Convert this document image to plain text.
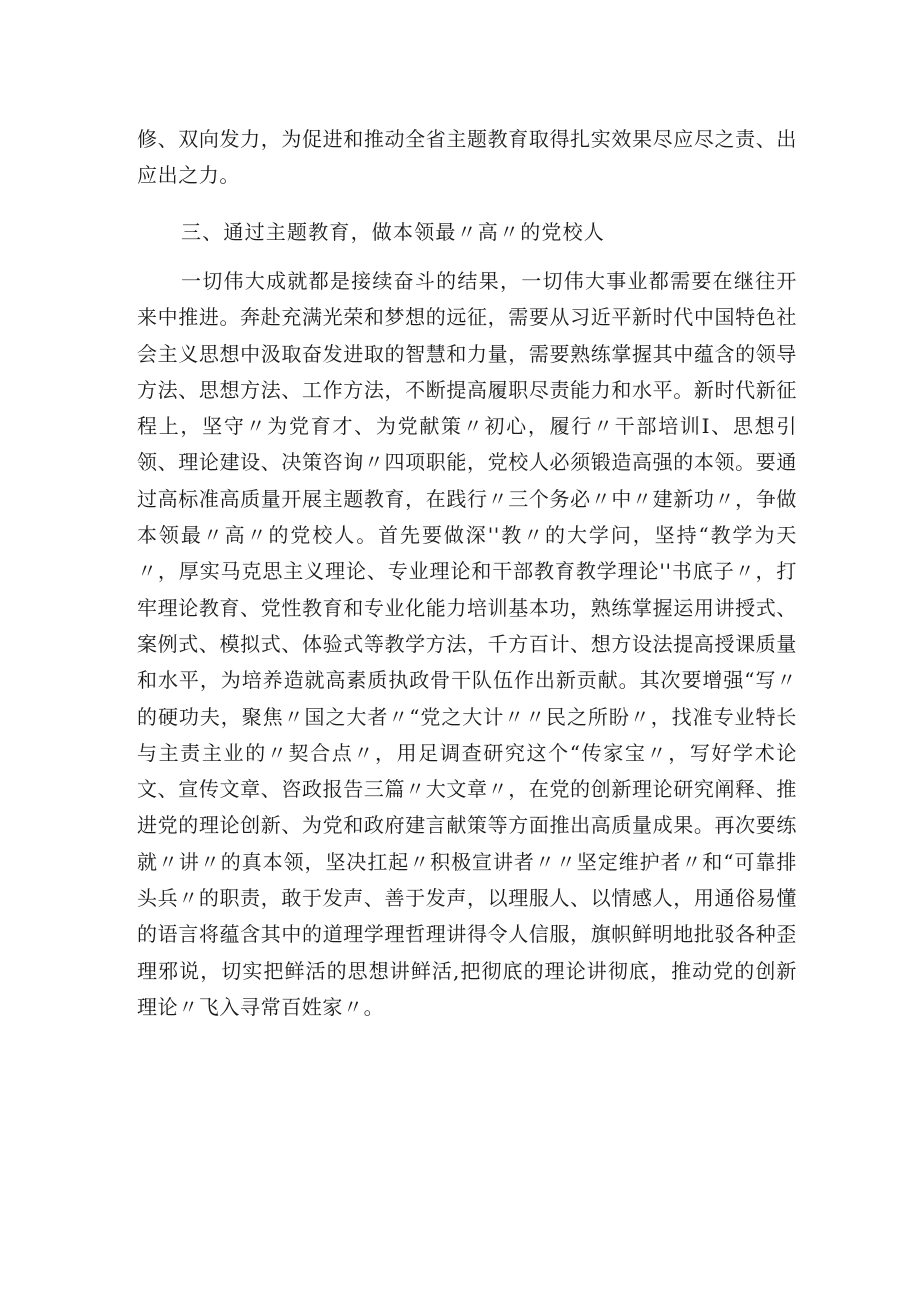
修、双向发力，为促进和推动全省主题教育取得扎实效果尽应尽之责、出应出之力。

三、通过主题教育，做本领最〃高〃的党校人

一切伟大成就都是接续奋斗的结果，一切伟大事业都需要在继往开来中推进。奔赴充满光荣和梦想的远征，需要从习近平新时代中国特色社会主义思想中汲取奋发进取的智慧和力量，需要熟练掌握其中蕴含的领导方法、思想方法、工作方法，不断提高履职尽责能力和水平。新时代新征程上，坚守〃为党育才、为党献策〃初心，履行〃干部培训I、思想引领、理论建设、决策咨询〃四项职能，党校人必须锻造高强的本领。要通过高标准高质量开展主题教育，在践行〃三个务必〃中〃建新功〃，争做本领最〃高〃的党校人。首先要做深''教〃的大学问，坚持“教学为天〃，厚实马克思主义理论、专业理论和干部教育教学理论''书底子〃，打牢理论教育、党性教育和专业化能力培训基本功，熟练掌握运用讲授式、案例式、模拟式、体验式等教学方法，千方百计、想方设法提高授课质量和水平，为培养造就高素质执政骨干队伍作出新贡献。其次要增强“写〃的硬功夫，聚焦〃国之大者〃“党之大计〃〃民之所盼〃，找准专业特长与主责主业的〃契合点〃，用足调查研究这个“传家宝〃，写好学术论文、宣传文章、咨政报告三篇〃大文章〃，在党的创新理论研究阐释、推进党的理论创新、为党和政府建言献策等方面推出高质量成果。再次要练就〃讲〃的真本领，坚决扛起〃积极宣讲者〃〃坚定维护者〃和“可靠排头兵〃的职责，敢于发声、善于发声，以理服人、以情感人，用通俗易懂的语言将蕴含其中的道理学理哲理讲得令人信服，旗帜鲜明地批驳各种歪理邪说，切实把鲜活的思想讲鲜活,把彻底的理论讲彻底，推动党的创新理论〃飞入寻常百姓家〃。
